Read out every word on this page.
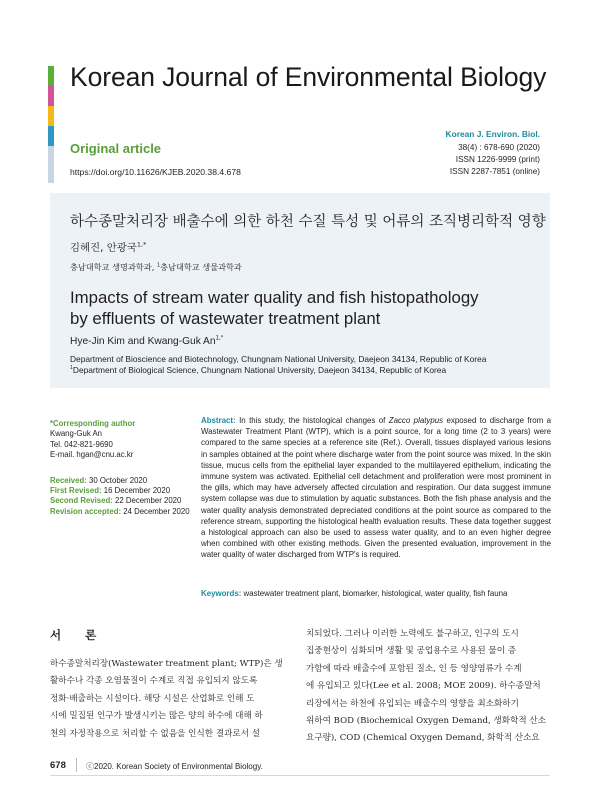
Korean Journal of Environmental Biology
Original article
https://doi.org/10.11626/KJEB.2020.38.4.678
Korean J. Environ. Biol.
38(4) : 678-690 (2020)
ISSN 1226-9999 (print)
ISSN 2287-7851 (online)
하수종말처리장 배출수에 의한 하천 수질 특성 및 어류의 조직병리학적 영향
김혜진, 안광국$^{1,*}$
충남대학교 생명과학과, $^1$충남대학교 생물과학과
Impacts of stream water quality and fish histopathology
by effluents of wastewater treatment plant
Hye-Jin Kim and Kwang-Guk $An^{1,*}$
Department of Bioscience and Biotechnology, Chungnam National University, Daejeon 34134, Republic of Korea
$^1$Department of Biological Science, Chungnam National University, Daejeon 34134, Republic of Korea
*Corresponding author
Kwang-Guk An
Tel. 042-821-9690
E-mail. hgan@cnu.ac.kr
Received: 30 October 2020
First Revised: 16 December 2020
Second Revised: 22 December 2020
Revision accepted: 24 December 2020
Abstract: In this study, the histological changes of Zacco platypus exposed to discharge from a Wastewater Treatment Plant (WTP), which is a point source, for a long time (2 to 3 years) were compared to the same species at a reference site (Ref.). Overall, tissues displayed various lesions in samples obtained at the point where discharge water from the point source was mixed. In the skin tissue, mucus cells from the epithelial layer expanded to the multilayered epithelium, indicating the immune system was activated. Epithelial cell detachment and proliferation were most prominent in the gills, which may have adversely affected circulation and respiration. Our data suggest immune system collapse was due to stimulation by aquatic substances. Both the fish phase analysis and the water quality analysis demonstrated depreciated conditions at the point source as compared to the reference stream, supporting the histological health evaluation results. These data together suggest a histological approach can also be used to assess water quality, and to an even higher degree when combined with other existing methods. Given the presented evaluation, improvement in the water quality of water discharged from WTP's is required.
Keywords: wastewater treatment plant, biomarker, histological, water quality, fish fauna
서 론
하수종말처리장(Wastewater treatment plant; WTP)은 생
활하수나 각종 오염물질이 수계로 직접 유입되지 않도록
정화·배출하는 시설이다. 해당 시설은 산업화로 인해 도
시에 밀집된 인구가 발생시키는 많은 양의 하수에 대해 하
천의 자정작용으로 처리할 수 없음을 인식한 결과로서 설
치되었다. 그러나 이러한 노력에도 불구하고, 인구의 도시
집중현상이 심화되며 생활 및 공업용수로 사용된 물이 증
가함에 따라 배출수에 포함된 질소, 인 등 영양염류가 수계
에 유입되고 있다(Lee et al. 2008; MOE 2009). 하수종말처
리장에서는 하천에 유입되는 배출수의 영향을 최소화하기
위하여 BOD (Biochemical Oxygen Demand, 생화학적 산소
요구량), COD (Chemical Oxygen Demand, 화학적 산소요
678	ⓒ2020. Korean Society of Environmental Biology.
